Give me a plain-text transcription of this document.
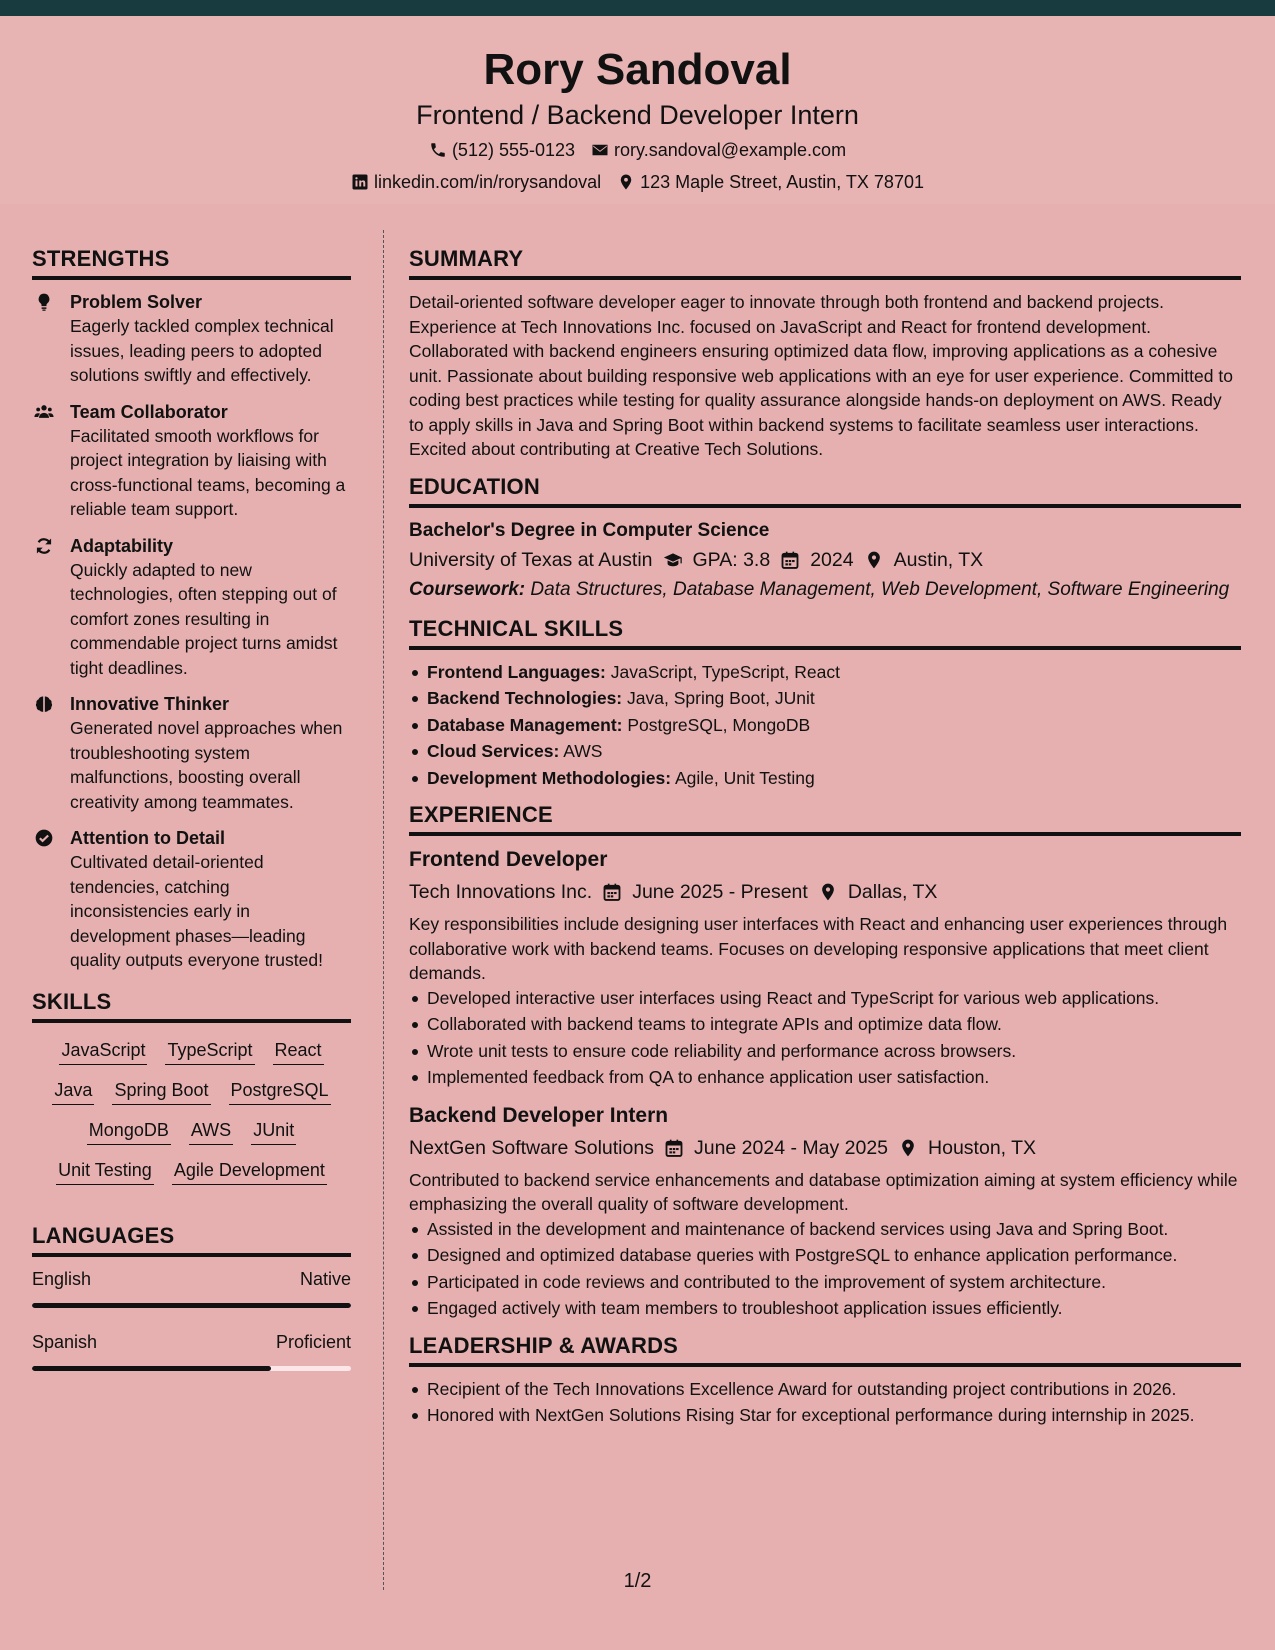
Rory Sandoval
Frontend / Backend Developer Intern
(512) 555-0123 rory.sandoval@example.com
linkedin.com/in/rorysandoval 123 Maple Street, Austin, TX 78701
STRENGTHS
Problem Solver
Eagerly tackled complex technical issues, leading peers to adopted solutions swiftly and effectively.
Team Collaborator
Facilitated smooth workflows for project integration by liaising with cross-functional teams, becoming a reliable team support.
Adaptability
Quickly adapted to new technologies, often stepping out of comfort zones resulting in commendable project turns amidst tight deadlines.
Innovative Thinker
Generated novel approaches when troubleshooting system malfunctions, boosting overall creativity among teammates.
Attention to Detail
Cultivated detail-oriented tendencies, catching inconsistencies early in development phases—leading quality outputs everyone trusted!
SKILLS
JavaScript TypeScript React
Java Spring Boot PostgreSQL
MongoDB AWS JUnit
Unit Testing Agile Development
LANGUAGES
English	Native
Spanish	Proficient
SUMMARY

Detail-oriented software developer eager to innovate through both frontend and backend projects. Experience at Tech Innovations Inc. focused on JavaScript and React for frontend development. Collaborated with backend engineers ensuring optimized data flow, improving applications as a cohesive unit. Passionate about building responsive web applications with an eye for user experience. Committed to coding best practices while testing for quality assurance alongside hands-on deployment on AWS. Ready to apply skills in Java and Spring Boot within backend systems to facilitate seamless user interactions. Excited about contributing at Creative Tech Solutions.

EDUCATION
Bachelor's Degree in Computer Science
University of Texas at Austin GPA: 3.8 2024 Austin, TX
Coursework: Data Structures, Database Management, Web Development, Software Engineering
TECHNICAL SKILLS
Frontend Languages: JavaScript, TypeScript, React
Backend Technologies: Java, Spring Boot, JUnit
Database Management: PostgreSQL, MongoDB
Cloud Services: AWS
Development Methodologies: Agile, Unit Testing
EXPERIENCE
Frontend Developer
Tech Innovations Inc. June 2025 - Present Dallas, TX

Key responsibilities include designing user interfaces with React and enhancing user experiences through collaborative work with backend teams. Focuses on developing responsive applications that meet client demands.

Developed interactive user interfaces using React and TypeScript for various web applications.
Collaborated with backend teams to integrate APIs and optimize data flow.
Wrote unit tests to ensure code reliability and performance across browsers.
Implemented feedback from QA to enhance application user satisfaction.
Backend Developer Intern
NextGen Software Solutions June 2024 - May 2025 Houston, TX

Contributed to backend service enhancements and database optimization aiming at system efficiency while emphasizing the overall quality of software development.

Assisted in the development and maintenance of backend services using Java and Spring Boot.
Designed and optimized database queries with PostgreSQL to enhance application performance.
Participated in code reviews and contributed to the improvement of system architecture.
Engaged actively with team members to troubleshoot application issues efficiently.
LEADERSHIP & AWARDS
Recipient of the Tech Innovations Excellence Award for outstanding project contributions in 2026.
Honored with NextGen Solutions Rising Star for exceptional performance during internship in 2025.
1/2
